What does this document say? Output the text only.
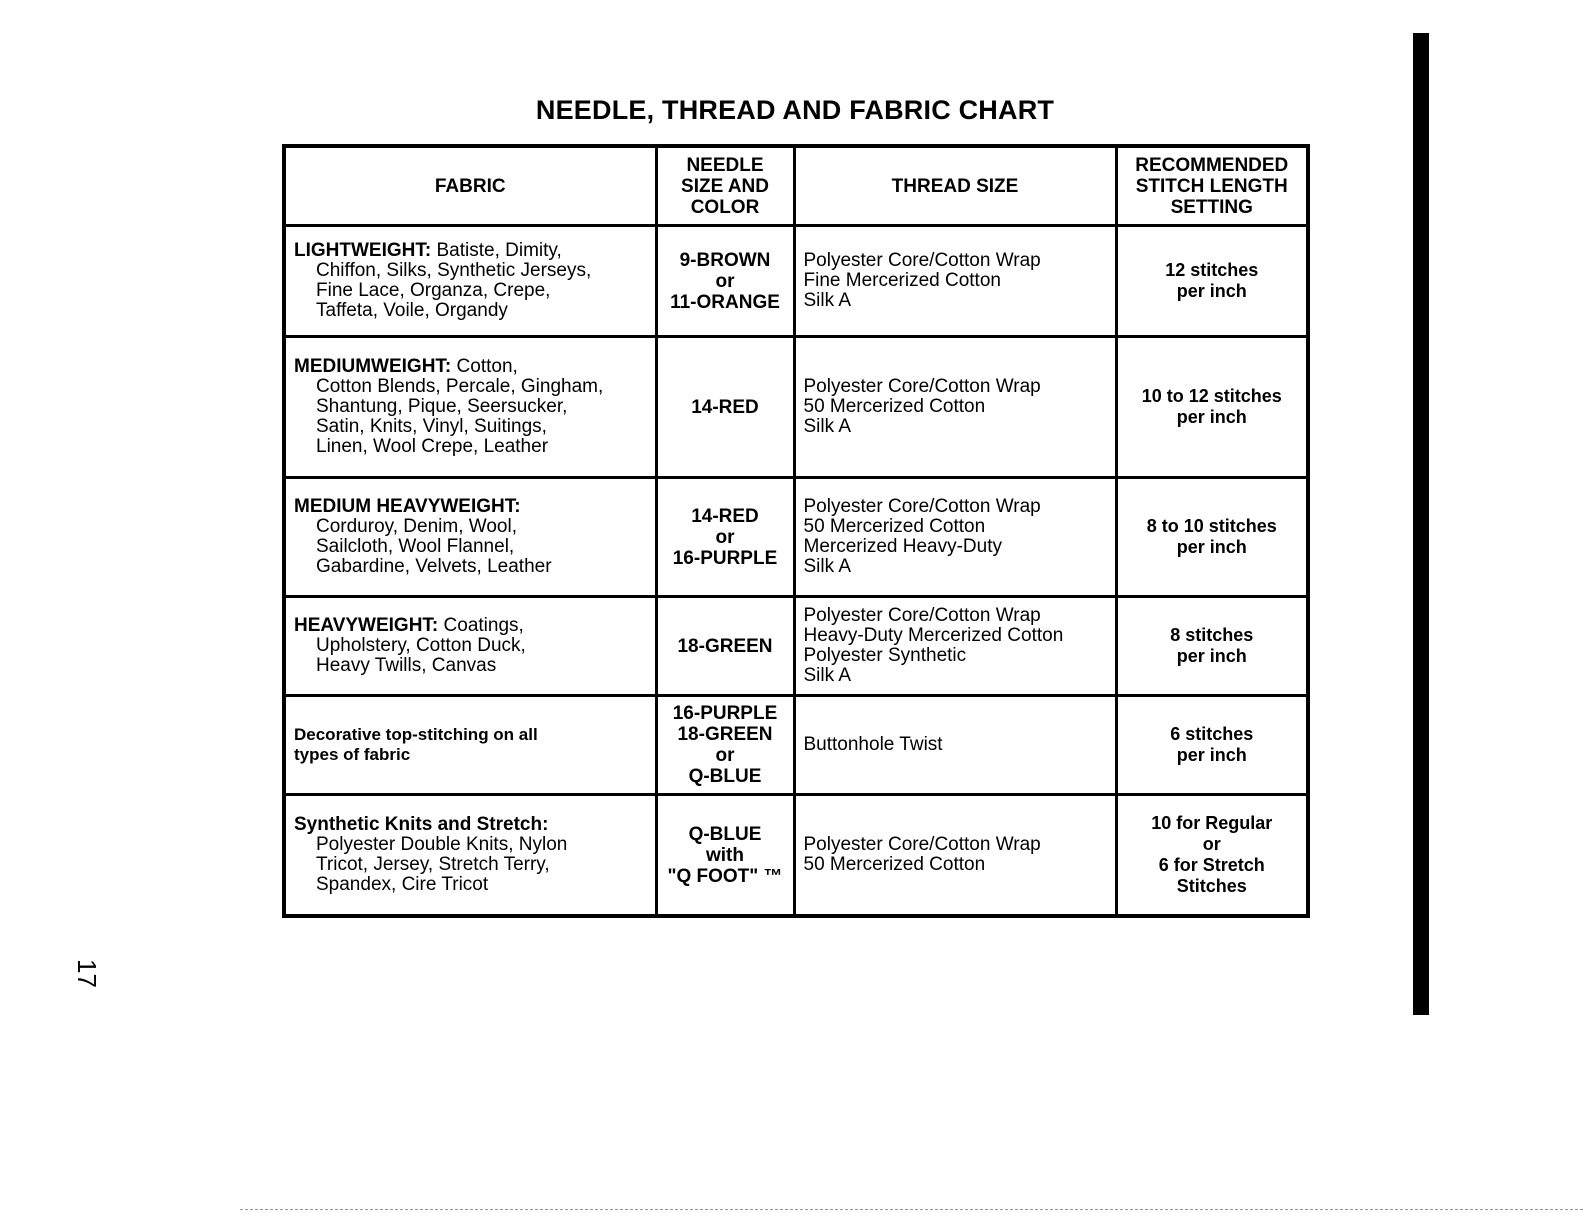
NEEDLE, THREAD AND FABRIC CHART
FABRIC	NEEDLE
SIZE AND
COLOR	THREAD SIZE	RECOMMENDED
STITCH LENGTH
SETTING
LIGHTWEIGHT: Batiste, Dimity,
Chiffon, Silks, Synthetic Jerseys,
Fine Lace, Organza, Crepe,
Taffeta, Voile, Organdy	9-BROWN
or
11-ORANGE	Polyester Core/Cotton Wrap
Fine Mercerized Cotton
Silk A	12 stitches
per inch
MEDIUMWEIGHT: Cotton,
Cotton Blends, Percale, Gingham,
Shantung, Pique, Seersucker,
Satin, Knits, Vinyl, Suitings,
Linen, Wool Crepe, Leather	14-RED	Polyester Core/Cotton Wrap
50 Mercerized Cotton
Silk A	10 to 12 stitches
per inch
MEDIUM HEAVYWEIGHT:
Corduroy, Denim, Wool,
Sailcloth, Wool Flannel,
Gabardine, Velvets, Leather	14-RED
or
16-PURPLE	Polyester Core/Cotton Wrap
50 Mercerized Cotton
Mercerized Heavy-Duty
Silk A	8 to 10 stitches
per inch
HEAVYWEIGHT: Coatings,
Upholstery, Cotton Duck,
Heavy Twills, Canvas	18-GREEN	Polyester Core/Cotton Wrap
Heavy-Duty Mercerized Cotton
Polyester Synthetic
Silk A	8 stitches
per inch
Decorative top-stitching on all
types of fabric	16-PURPLE
18-GREEN
or
Q-BLUE	Buttonhole Twist	6 stitches
per inch
Synthetic Knits and Stretch:
Polyester Double Knits, Nylon
Tricot, Jersey, Stretch Terry,
Spandex, Cire Tricot	Q-BLUE
with
"Q FOOT" ™	Polyester Core/Cotton Wrap
50 Mercerized Cotton	10 for Regular
or
6 for Stretch
Stitches
17
